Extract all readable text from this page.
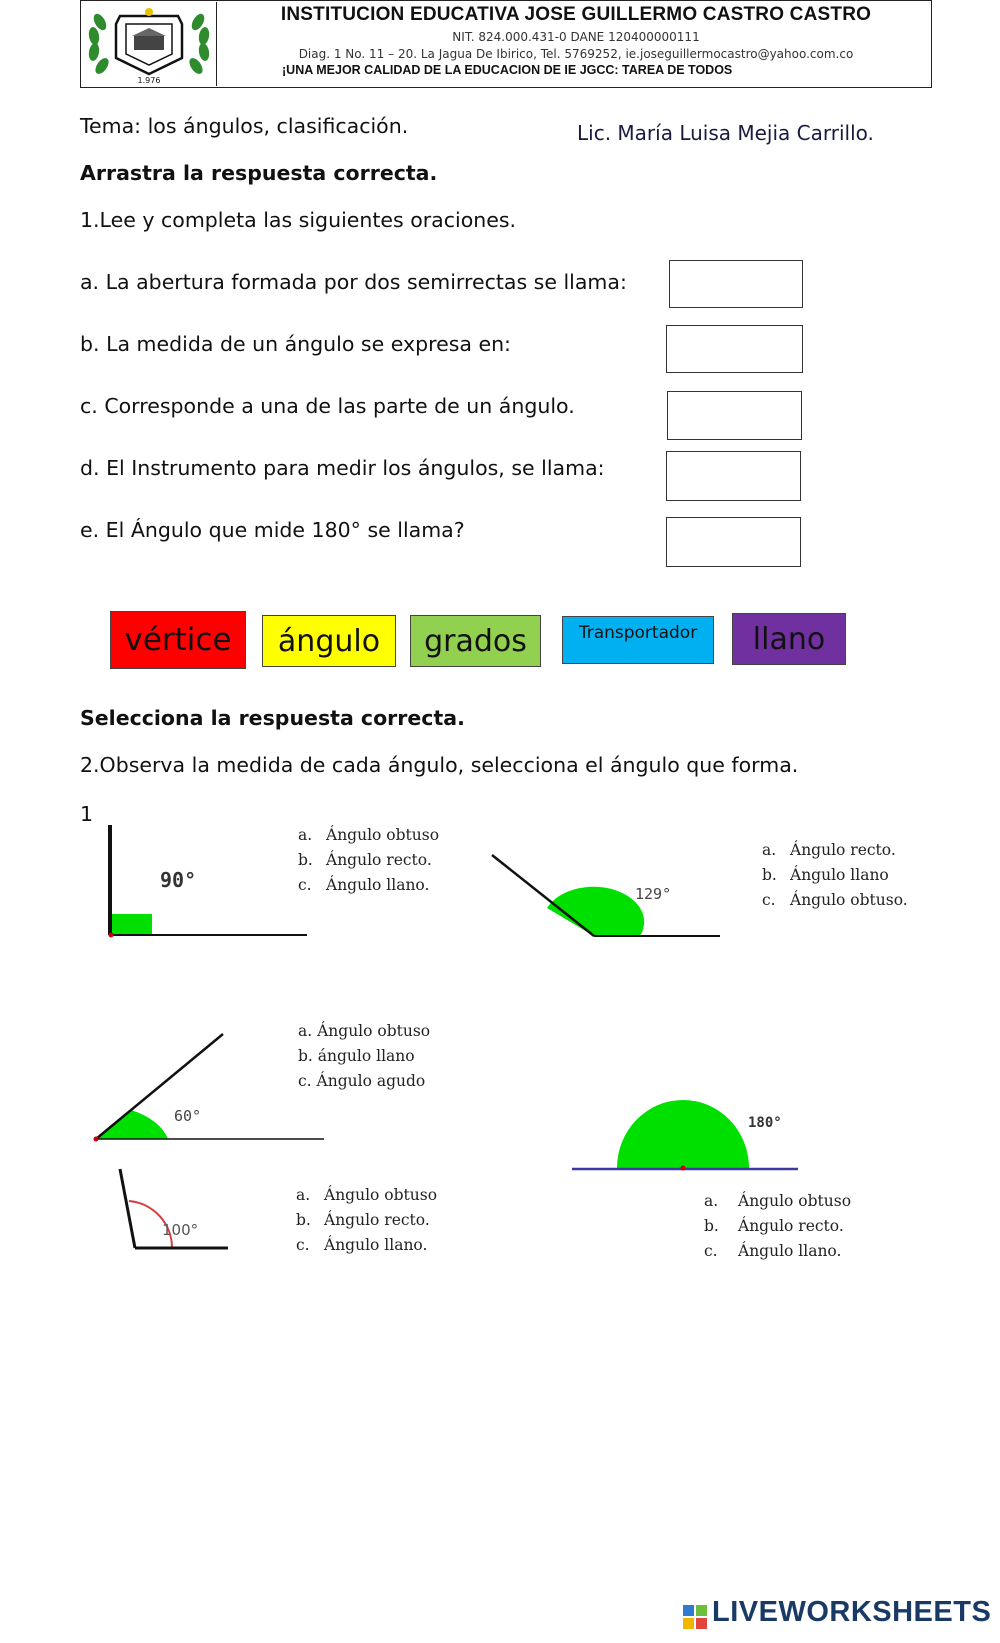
1.976
INSTITUCION EDUCATIVA JOSE GUILLERMO CASTRO CASTRO
NIT. 824.000.431-0 DANE 120400000111
Diag. 1 No. 11 – 20. La Jagua De Ibirico, Tel. 5769252, ie.joseguillermocastro@yahoo.com.co
¡UNA MEJOR CALIDAD DE LA EDUCACION DE IE JGCC: TAREA DE TODOS
Tema: los ángulos, clasificación.	Lic. María Luisa Mejia Carrillo.
Arrastra la respuesta correcta.
1.Lee y completa las siguientes oraciones.
a. La abertura formada por dos semirrectas se llama:
b. La medida de un ángulo se expresa en:
c. Corresponde a una de las parte de un ángulo.
d. El Instrumento para medir los ángulos, se llama:
e. El Ángulo que mide 180° se llama?
vértice	ángulo	grados	Transportador	llano
Selecciona la respuesta correcta.
2.Observa la medida de cada ángulo, selecciona el ángulo que forma.
1
90°
a. Ángulo obtuso
b. Ángulo recto.
c. Ángulo llano.	129°
a. Ángulo recto.
b. Ángulo llano
c. Ángulo obtuso.
60°
a. Ángulo obtuso
b. ángulo llano
c. Ángulo agudo
180°
a. Ángulo obtuso
b. Ángulo recto.
c. Ángulo llano.
100°
a. Ángulo obtuso
b. Ángulo recto.
c. Ángulo llano.
LIVEWORKSHEETS
